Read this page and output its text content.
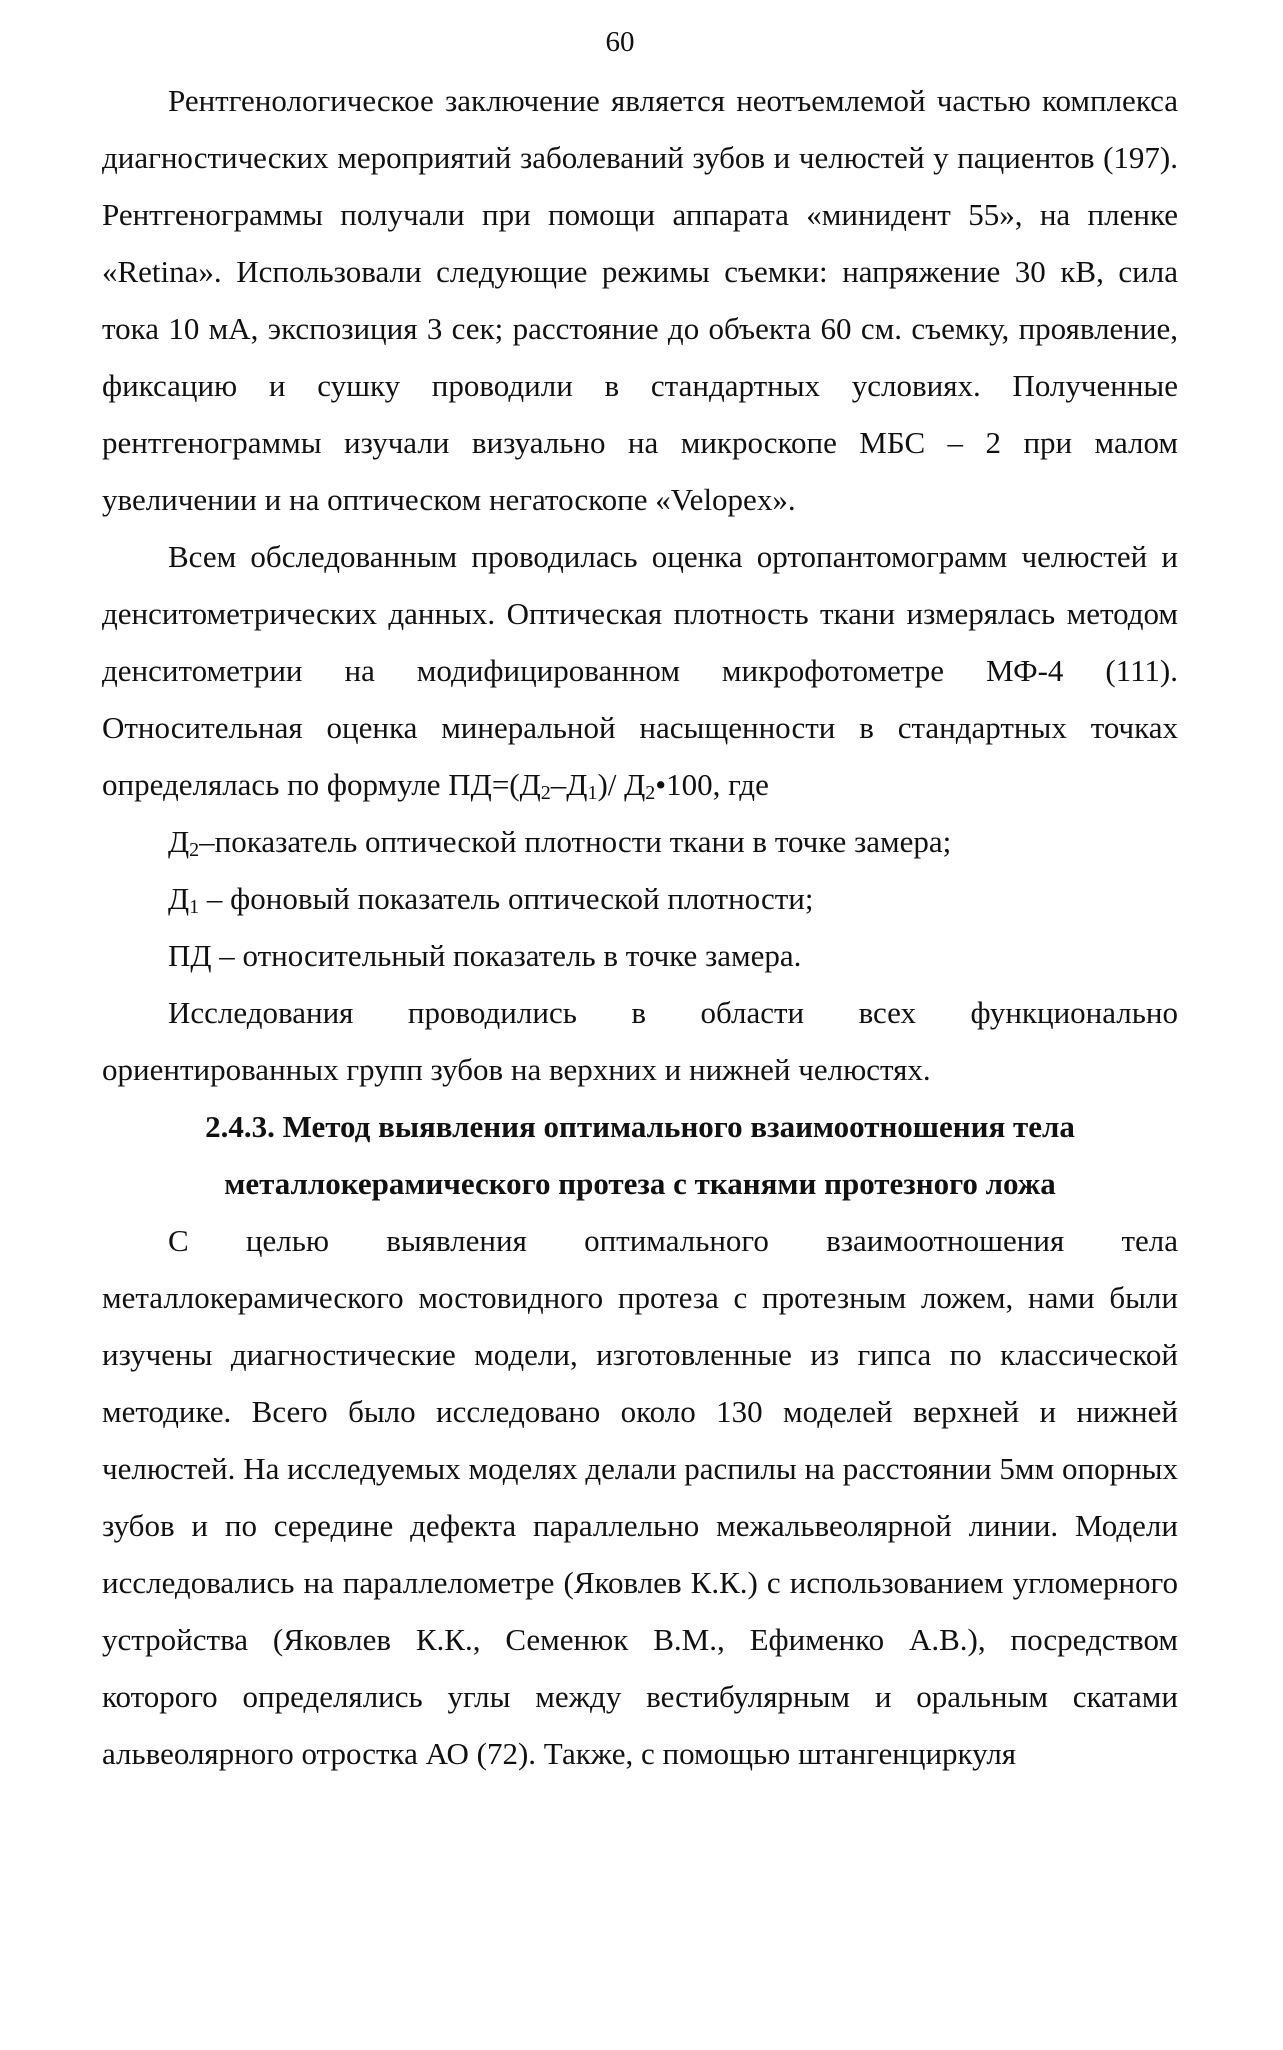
60

Рентгенологическое заключение является неотъемлемой частью комплекса диагностических мероприятий заболеваний зубов и челюстей у пациентов (197). Рентгенограммы получали при помощи аппарата «минидент 55», на пленке «Retina». Использовали следующие режимы съемки: напряжение 30 кВ, сила тока 10 мА, экспозиция 3 сек; расстояние до объекта 60 см. съемку, проявление, фиксацию и сушку проводили в стандартных условиях. Полученные рентгенограммы изучали визуально на микроскопе МБС – 2 при малом увеличении и на оптическом негатоскопе «Velopex».

Всем обследованным проводилась оценка ортопантомограмм челюстей и денситометрических данных. Оптическая плотность ткани измерялась методом денситометрии на модифицированном микрофотометре МФ-4 (111). Относительная оценка минеральной насыщенности в стандартных точках определялась по формуле $ПД=(Д_2-Д_1)/$ $Д_2•100$, где

$Д_2$–показатель оптической плотности ткани в точке замера;

$Д_1$ – фоновый показатель оптической плотности;

ПД – относительный показатель в точке замера.

Исследования проводились в области всех функционально ориентированных групп зубов на верхних и нижней челюстях.

2.4.3. Метод выявления оптимального взаимоотношения тела
металлокерамического протеза с тканями протезного ложа

С целью выявления оптимального взаимоотношения тела металлокерамического мостовидного протеза с протезным ложем, нами были изучены диагностические модели, изготовленные из гипса по классической методике. Всего было исследовано около 130 моделей верхней и нижней челюстей. На исследуемых моделях делали распилы на расстоянии 5мм опорных зубов и по середине дефекта параллельно межальвеолярной линии. Модели исследовались на параллелометре (Яковлев К.К.) с использованием угломерного устройства (Яковлев К.К., Семенюк В.М., Ефименко А.В.), посредством которого определялись углы между вестибулярным и оральным скатами альвеолярного отростка АО (72). Также, с помощью штангенциркуля
